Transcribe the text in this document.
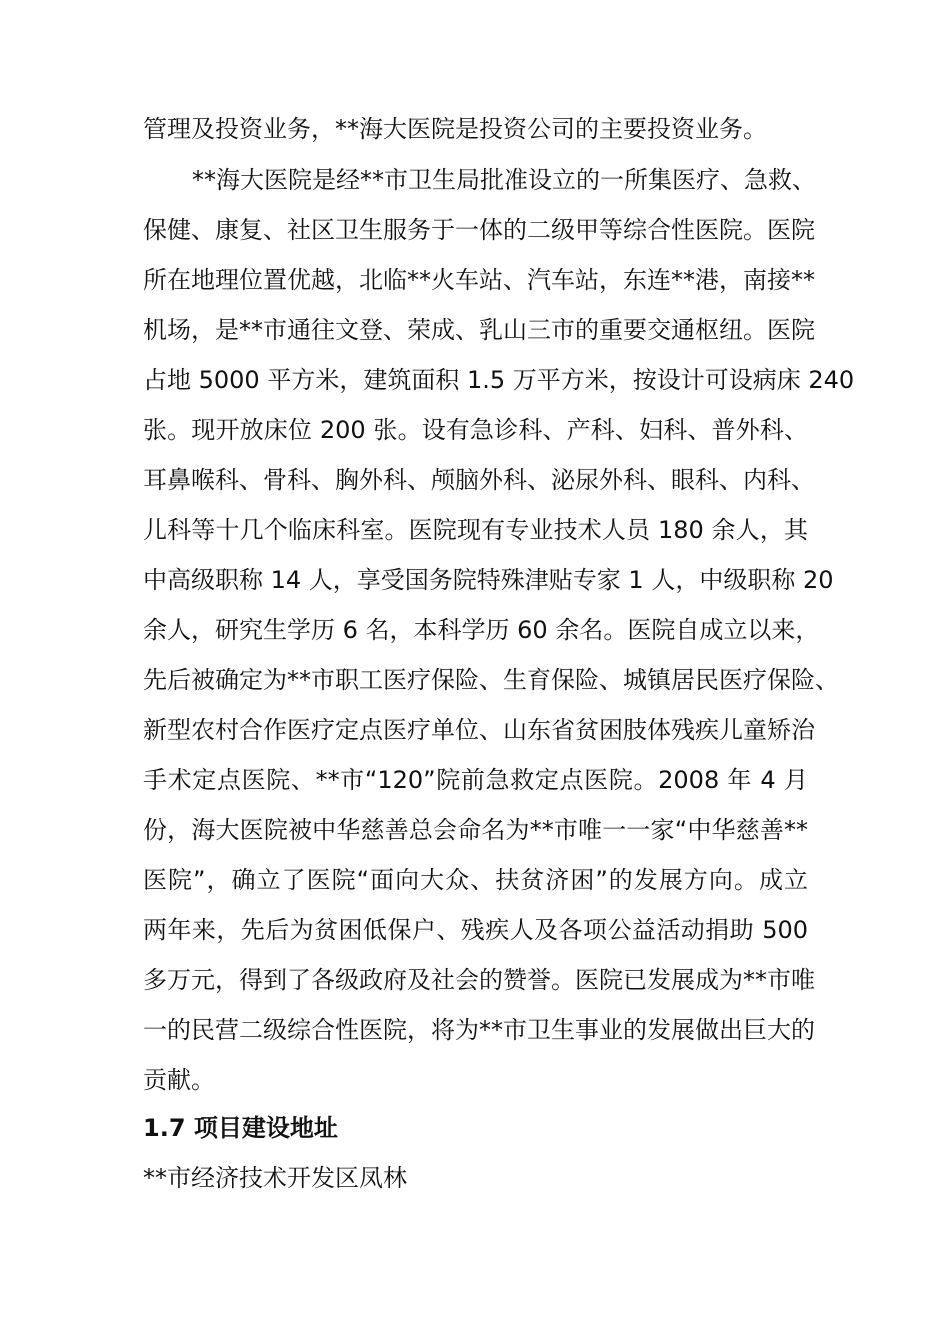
管理及投资业务，**海大医院是投资公司的主要投资业务。
**海大医院是经**市卫生局批准设立的一所集医疗、急救、
保健、康复、社区卫生服务于一体的二级甲等综合性医院。医院
所在地理位置优越，北临**火车站、汽车站，东连**港，南接**
机场，是**市通往文登、荣成、乳山三市的重要交通枢纽。医院
占地 5000 平方米，建筑面积 1.5 万平方米，按设计可设病床 240
张。现开放床位 200 张。设有急诊科、产科、妇科、普外科、
耳鼻喉科、骨科、胸外科、颅脑外科、泌尿外科、眼科、内科、
儿科等十几个临床科室。医院现有专业技术人员 180 余人，其
中高级职称 14 人，享受国务院特殊津贴专家 1 人，中级职称 20
余人，研究生学历 6 名，本科学历 60 余名。医院自成立以来，
先后被确定为**市职工医疗保险、生育保险、城镇居民医疗保险、
新型农村合作医疗定点医疗单位、山东省贫困肢体残疾儿童矫治
手术定点医院、**市“120”院前急救定点医院。2008 年 4 月
份，海大医院被中华慈善总会命名为**市唯一一家“中华慈善**
医院”，确立了医院“面向大众、扶贫济困”的发展方向。成立
两年来，先后为贫困低保户、残疾人及各项公益活动捐助 500
多万元，得到了各级政府及社会的赞誉。医院已发展成为**市唯
一的民营二级综合性医院，将为**市卫生事业的发展做出巨大的
贡献。
1.7 项目建设地址
**市经济技术开发区凤林
